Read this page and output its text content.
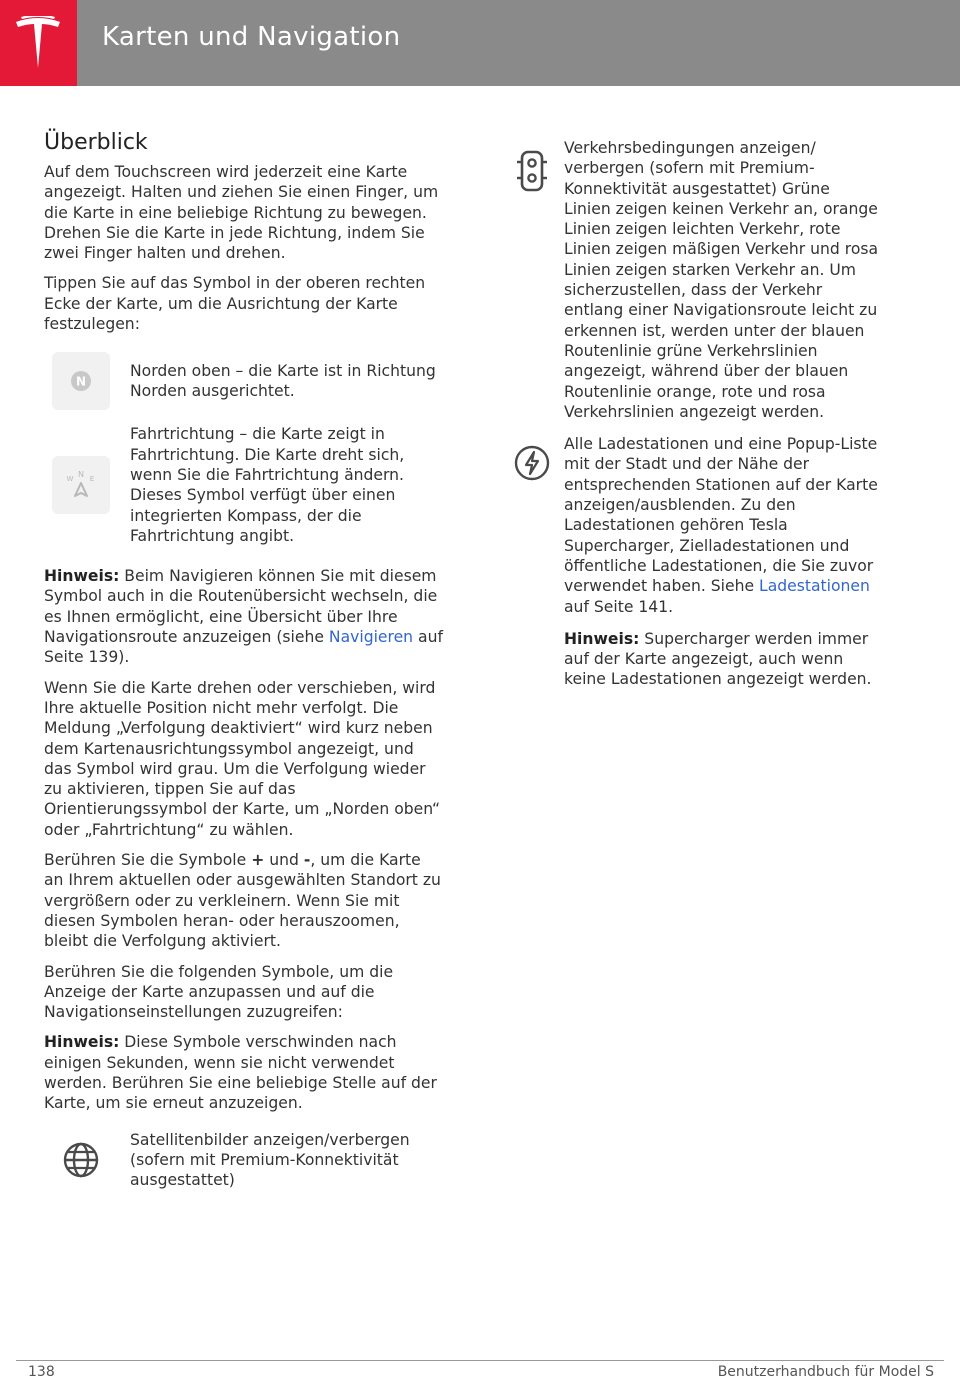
Karten und Navigation
Überblick

Auf dem Touchscreen wird jederzeit eine Karte angezeigt. Halten und ziehen Sie einen Finger, um die Karte in eine beliebige Richtung zu bewegen. Drehen Sie die Karte in jede Richtung, indem Sie zwei Finger halten und drehen.

Tippen Sie auf das Symbol in der oberen rechten Ecke der Karte, um die Ausrichtung der Karte festzulegen:

N
Norden oben – die Karte ist in Richtung Norden ausgerichtet.
N
W E
Fahrtrichtung – die Karte zeigt in Fahrtrichtung. Die Karte dreht sich, wenn Sie die Fahrtrichtung ändern. Dieses Symbol verfügt über einen integrierten Kompass, der die Fahrtrichtung angibt.

Hinweis: Beim Navigieren können Sie mit diesem Symbol auch in die Routenübersicht wechseln, die es Ihnen ermöglicht, eine Übersicht über Ihre Navigationsroute anzuzeigen (siehe Navigieren auf Seite 139).

Wenn Sie die Karte drehen oder verschieben, wird Ihre aktuelle Position nicht mehr verfolgt. Die Meldung „Verfolgung deaktiviert“ wird kurz neben dem Kartenausrichtungssymbol angezeigt, und das Symbol wird grau. Um die Verfolgung wieder zu aktivieren, tippen Sie auf das Orientierungssymbol der Karte, um „Norden oben“ oder „Fahrtrichtung“ zu wählen.

Berühren Sie die Symbole + und -, um die Karte an Ihrem aktuellen oder ausgewählten Standort zu vergrößern oder zu verkleinern. Wenn Sie mit diesen Symbolen heran- oder herauszoomen, bleibt die Verfolgung aktiviert.

Berühren Sie die folgenden Symbole, um die Anzeige der Karte anzupassen und auf die Navigationseinstellungen zuzugreifen:

Hinweis: Diese Symbole verschwinden nach einigen Sekunden, wenn sie nicht verwendet werden. Berühren Sie eine beliebige Stelle auf der Karte, um sie erneut anzuzeigen.

Satellitenbilder anzeigen/verbergen (sofern mit Premium-Konnektivität ausgestattet)
Verkehrsbedingungen anzeigen/ verbergen (sofern mit Premium-Konnektivität ausgestattet) Grüne Linien zeigen keinen Verkehr an, orange Linien zeigen leichten Verkehr, rote Linien zeigen mäßigen Verkehr und rosa Linien zeigen starken Verkehr an. Um sicherzustellen, dass der Verkehr entlang einer Navigationsroute leicht zu erkennen ist, werden unter der blauen Routenlinie grüne Verkehrslinien angezeigt, während über der blauen Routenlinie orange, rote und rosa Verkehrslinien angezeigt werden.
Alle Ladestationen und eine Popup-Liste mit der Stadt und der Nähe der entsprechenden Stationen auf der Karte anzeigen/ausblenden. Zu den Ladestationen gehören Tesla Supercharger, Zielladestationen und öffentliche Ladestationen, die Sie zuvor verwendet haben. Siehe Ladestationen auf Seite 141.

Hinweis: Supercharger werden immer auf der Karte angezeigt, auch wenn keine Ladestationen angezeigt werden.

138	Benutzerhandbuch für Model S
